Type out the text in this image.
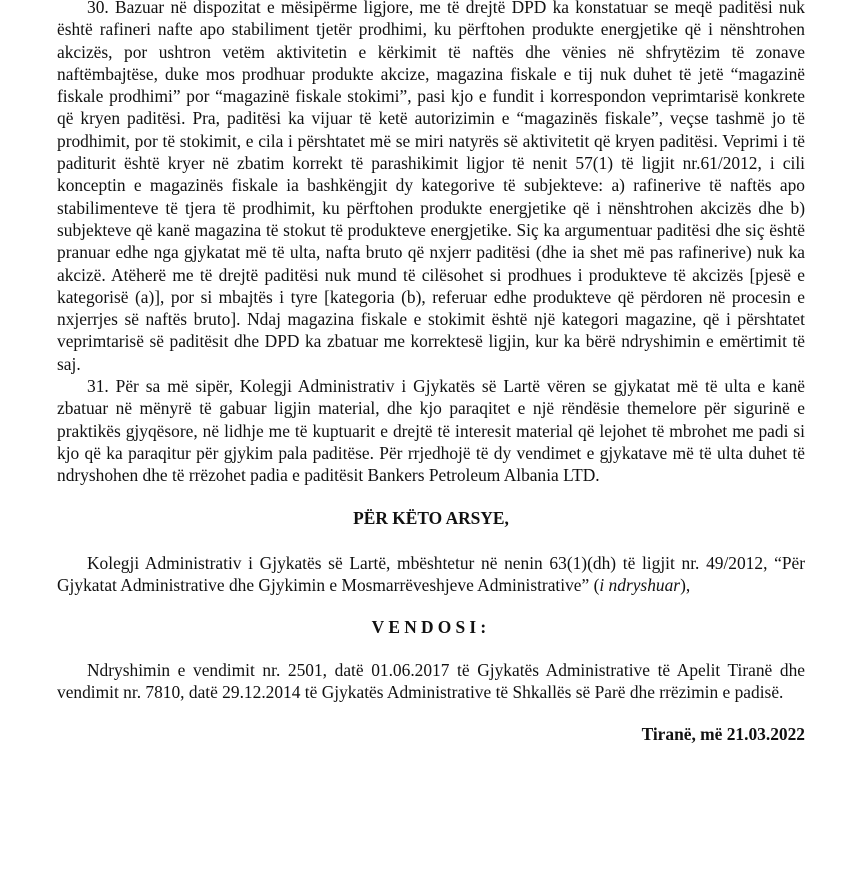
30. Bazuar në dispozitat e mësipërme ligjore, me të drejtë DPD ka konstatuar se meqë paditësi nuk është rafineri nafte apo stabiliment tjetër prodhimi, ku përftohen produkte energjetike që i nënshtrohen akcizës, por ushtron vetëm aktivitetin e kërkimit të naftës dhe vënies në shfrytëzim të zonave naftëmbajtëse, duke mos prodhuar produkte akcize, magazina fiskale e tij nuk duhet të jetë “magazinë fiskale prodhimi” por “magazinë fiskale stokimi”, pasi kjo e fundit i korrespondon veprimtarisë konkrete që kryen paditësi. Pra, paditësi ka vijuar të ketë autorizimin e “magazinës fiskale”, veçse tashmë jo të prodhimit, por të stokimit, e cila i përshtatet më se miri natyrës së aktivitetit që kryen paditësi. Veprimi i të paditurit është kryer në zbatim korrekt të parashikimit ligjor të nenit 57(1) të ligjit nr.61/2012, i cili konceptin e magazinës fiskale ia bashkëngjit dy kategorive të subjekteve: a) rafinerive të naftës apo stabilimenteve të tjera të prodhimit, ku përftohen produkte energjetike që i nënshtrohen akcizës dhe b) subjekteve që kanë magazina të stokut të produkteve energjetike. Siç ka argumentuar paditësi dhe siç është pranuar edhe nga gjykatat më të ulta, nafta bruto që nxjerr paditësi (dhe ia shet më pas rafinerive) nuk ka akcizë. Atëherë me të drejtë paditësi nuk mund të cilësohet si prodhues i produkteve të akcizës [pjesë e kategorisë (a)], por si mbajtës i tyre [kategoria (b), referuar edhe produkteve që përdoren në procesin e nxjerrjes së naftës bruto]. Ndaj magazina fiskale e stokimit është një kategori magazine, që i përshtatet veprimtarisë së paditësit dhe DPD ka zbatuar me korrektesë ligjin, kur ka bërë ndryshimin e emërtimit të saj.

31. Për sa më sipër, Kolegji Administrativ i Gjykatës së Lartë vëren se gjykatat më të ulta e kanë zbatuar në mënyrë të gabuar ligjin material, dhe kjo paraqitet e një rëndësie themelore për sigurinë e praktikës gjyqësore, në lidhje me të kuptuarit e drejtë të interesit material që lejohet të mbrohet me padi si kjo që ka paraqitur për gjykim pala paditëse. Për rrjedhojë të dy vendimet e gjykatave më të ulta duhet të ndryshohen dhe të rrëzohet padia e paditësit Bankers Petroleum Albania LTD.

PËR KËTO ARSYE,

Kolegji Administrativ i Gjykatës së Lartë, mbështetur në nenin 63(1)(dh) të ligjit nr. 49/2012, “Për Gjykatat Administrative dhe Gjykimin e Mosmarrëveshjeve Administrative” (i ndryshuar),

VENDOSI:

Ndryshimin e vendimit nr. 2501, datë 01.06.2017 të Gjykatës Administrative të Apelit Tiranë dhe vendimit nr. 7810, datë 29.12.2014 të Gjykatës Administrative të Shkallës së Parë dhe rrëzimin e padisë.

Tiranë, më 21.03.2022
